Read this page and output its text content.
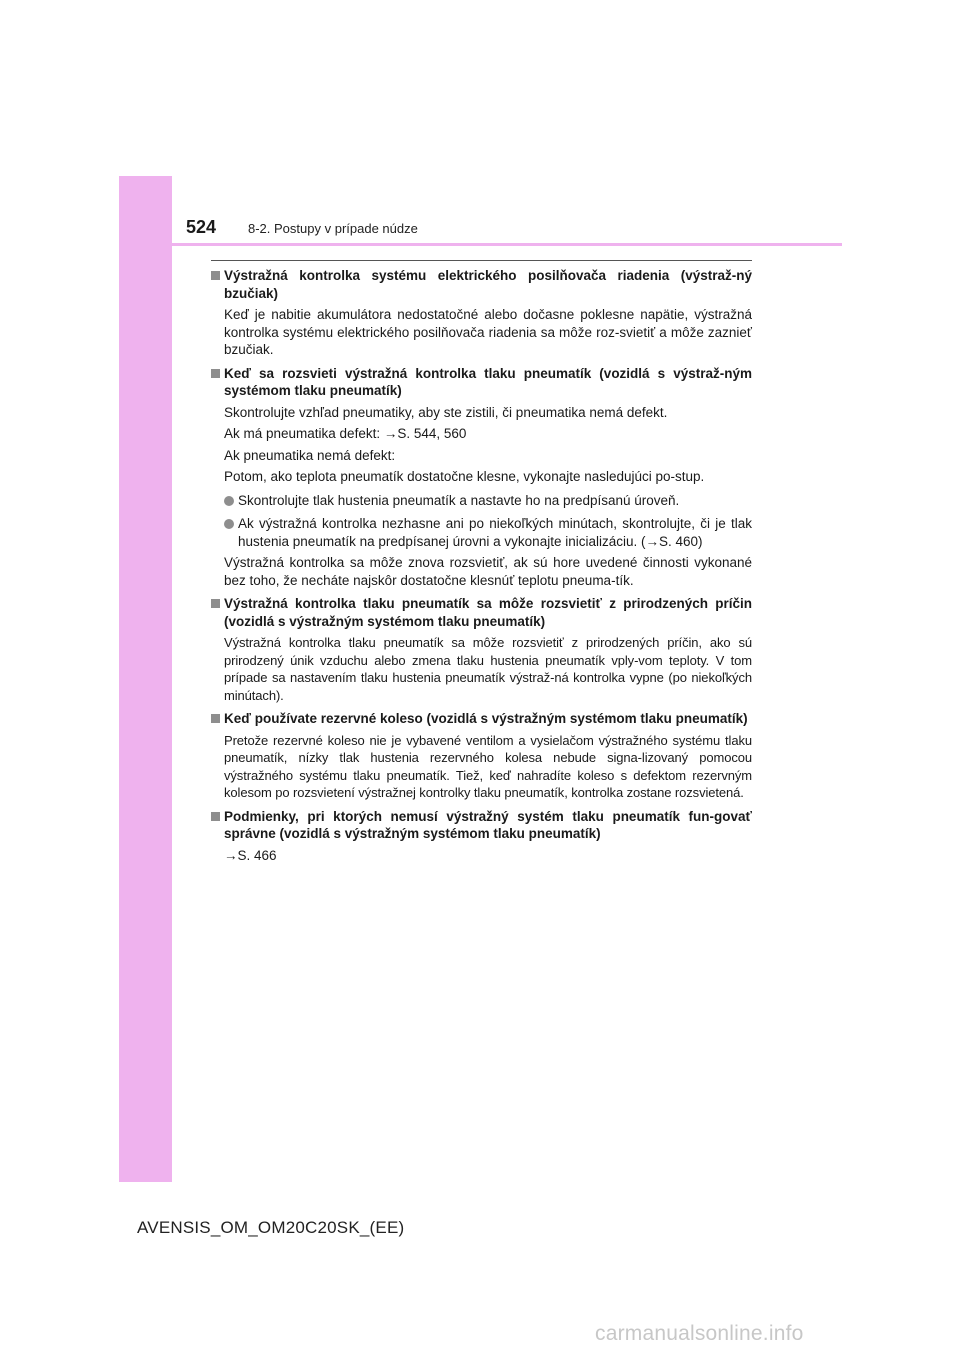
524 8-2. Postupy v prípade núdze
Výstražná kontrolka systému elektrického posilňovača riadenia (výstraž-ný bzučiak)
Keď je nabitie akumulátora nedostatočné alebo dočasne poklesne napätie, výstražná kontrolka systému elektrického posilňovača riadenia sa môže roz-svietiť a môže zaznieť bzučiak.
Keď sa rozsvieti výstražná kontrolka tlaku pneumatík (vozidlá s výstraž-ným systémom tlaku pneumatík)
Skontrolujte vzhľad pneumatiky, aby ste zistili, či pneumatika nemá defekt.
Ak má pneumatika defekt: →S. 544, 560
Ak pneumatika nemá defekt:
Potom, ako teplota pneumatík dostatočne klesne, vykonajte nasledujúci po-stup.
Skontrolujte tlak hustenia pneumatík a nastavte ho na predpísanú úroveň.
Ak výstražná kontrolka nezhasne ani po niekoľkých minútach, skontrolujte, či je tlak hustenia pneumatík na predpísanej úrovni a vykonajte inicializáciu. (→S. 460)
Výstražná kontrolka sa môže znova rozsvietiť, ak sú hore uvedené činnosti vykonané bez toho, že necháte najskôr dostatočne klesnúť teplotu pneuma-tík.
Výstražná kontrolka tlaku pneumatík sa môže rozsvietiť z prirodzených príčin (vozidlá s výstražným systémom tlaku pneumatík)
Výstražná kontrolka tlaku pneumatík sa môže rozsvietiť z prirodzených príčin, ako sú prirodzený únik vzduchu alebo zmena tlaku hustenia pneumatík vply-vom teploty. V tom prípade sa nastavením tlaku hustenia pneumatík výstraž-ná kontrolka vypne (po niekoľkých minútach).
Keď používate rezervné koleso (vozidlá s výstražným systémom tlaku pneumatík)
Pretože rezervné koleso nie je vybavené ventilom a vysielačom výstražného systému tlaku pneumatík, nízky tlak hustenia rezervného kolesa nebude signa-lizovaný pomocou výstražného systému tlaku pneumatík. Tiež, keď nahradíte koleso s defektom rezervným kolesom po rozsvietení výstražnej kontrolky tlaku pneumatík, kontrolka zostane rozsvietená.
Podmienky, pri ktorých nemusí výstražný systém tlaku pneumatík fun-govať správne (vozidlá s výstražným systémom tlaku pneumatík)
→S. 466
AVENSIS_OM_OM20C20SK_(EE)
carmanualsonline.info
